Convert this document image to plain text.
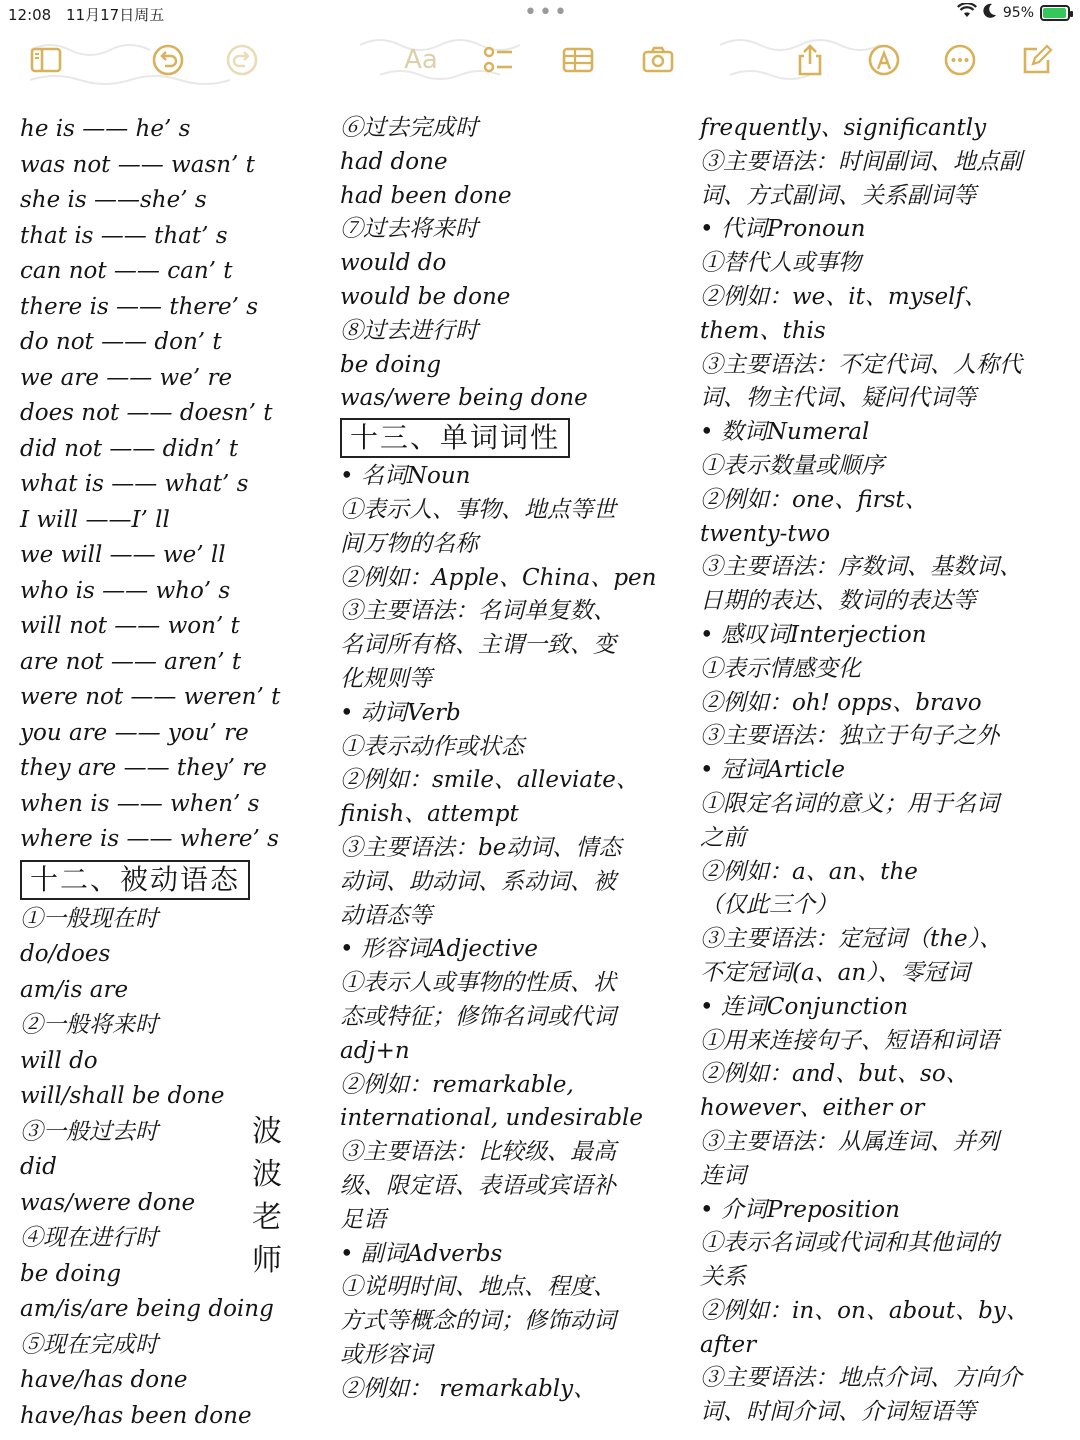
12:08 11月17日周五	•••	95%
Aa
he is —— he’ s
was not —— wasn’ t
she is ——she’ s
that is —— that’ s
can not —— can’ t
there is —— there’ s
do not —— don’ t
we are —— we’ re
does not —— doesn’ t
did not —— didn’ t
what is —— what’ s
I will ——I’ ll
we will —— we’ ll
who is —— who’ s
will not —— won’ t
are not —— aren’ t
were not —— weren’ t
you are —— you’ re
they are —— they’ re
when is —— when’ s
where is —— where’ s
十二、被动语态
①一般现在时
do/does
am/is are
②一般将来时
will do
will/shall be done
③一般过去时
did
was/were done
④现在进行时
be doing
am/is/are being doing
⑤现在完成时
have/has done
have/has been done
波
波
老
师
⑥过去完成时
had done
had been done
⑦过去将来时
would do
would be done
⑧过去进行时
be doing
was/were being done
十三、单词词性
• 名词Noun
①表示人、事物、地点等世
间万物的名称
②例如：Apple、China、pen
③主要语法：名词单复数、
名词所有格、主谓一致、变
化规则等
• 动词Verb
①表示动作或状态
②例如：smile、alleviate、
finish、attempt
③主要语法：be动词、情态
动词、助动词、系动词、被
动语态等
• 形容词Adjective
①表示人或事物的性质、状
态或特征；修饰名词或代词
adj+n
②例如：remarkable,
international, undesirable
③主要语法：比较级、最高
级、限定语、表语或宾语补
足语
• 副词Adverbs
①说明时间、地点、程度、
方式等概念的词；修饰动词
或形容词
②例如： remarkably、
frequently、significantly
③主要语法：时间副词、地点副
词、方式副词、关系副词等
• 代词Pronoun
①替代人或事物
②例如：we、it、myself、
them、this
③主要语法：不定代词、人称代
词、物主代词、疑问代词等
• 数词Numeral
①表示数量或顺序
②例如：one、first、
twenty-two
③主要语法：序数词、基数词、
日期的表达、数词的表达等
• 感叹词Interjection
①表示情感变化
②例如：oh! opps、bravo
③主要语法：独立于句子之外
• 冠词Article
①限定名词的意义；用于名词
之前
②例如：a、an、the
（仅此三个）
③主要语法：定冠词（the）、
不定冠词(a、an）、零冠词
• 连词Conjunction
①用来连接句子、短语和词语
②例如：and、but、so、
however、either or
③主要语法：从属连词、并列
连词
• 介词Preposition
①表示名词或代词和其他词的
关系
②例如：in、on、about、by、
after
③主要语法：地点介词、方向介
词、时间介词、介词短语等
